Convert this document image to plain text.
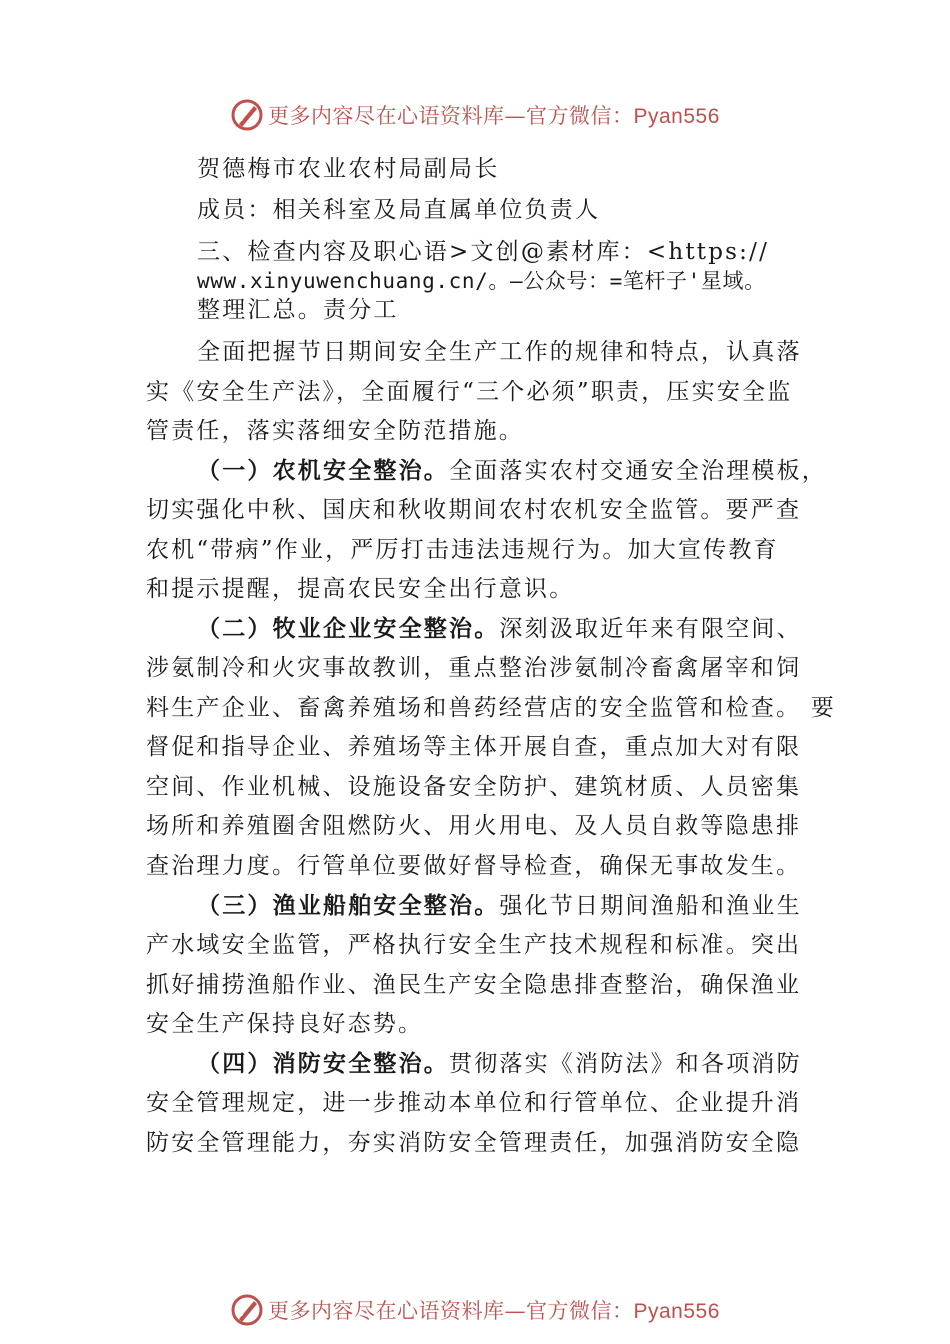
更多内容尽在心语资料库—官方微信：Pyan556
贺德梅市农业农村局副局长
成员：相关科室及局直属单位负责人
三、检查内容及职心语>文创@素材库：<https://
www.xinyuwenchuang.cn/。—公众号：=笔杆子'星域。
整理汇总。责分工
全面把握节日期间安全生产工作的规律和特点，认真落
实《安全生产法》，全面履行“三个必须”职责，压实安全监
管责任，落实落细安全防范措施。
（一）农机安全整治。全面落实农村交通安全治理模板，
切实强化中秋、国庆和秋收期间农村农机安全监管。要严查
农机“带病”作业，严厉打击违法违规行为。加大宣传教育
和提示提醒，提高农民安全出行意识。
（二）牧业企业安全整治。深刻汲取近年来有限空间、
涉氨制冷和火灾事故教训，重点整治涉氨制冷畜禽屠宰和饲
料生产企业、畜禽养殖场和兽药经营店的安全监管和检查。 要
督促和指导企业、养殖场等主体开展自查，重点加大对有限
空间、作业机械、设施设备安全防护、建筑材质、人员密集
场所和养殖圈舍阻燃防火、用火用电、及人员自救等隐患排
查治理力度。行管单位要做好督导检查，确保无事故发生。
（三）渔业船舶安全整治。强化节日期间渔船和渔业生
产水域安全监管，严格执行安全生产技术规程和标准。突出
抓好捕捞渔船作业、渔民生产安全隐患排查整治，确保渔业
安全生产保持良好态势。
（四）消防安全整治。贯彻落实《消防法》和各项消防
安全管理规定，进一步推动本单位和行管单位、企业提升消
防安全管理能力，夯实消防安全管理责任，加强消防安全隐
更多内容尽在心语资料库—官方微信：Pyan556
